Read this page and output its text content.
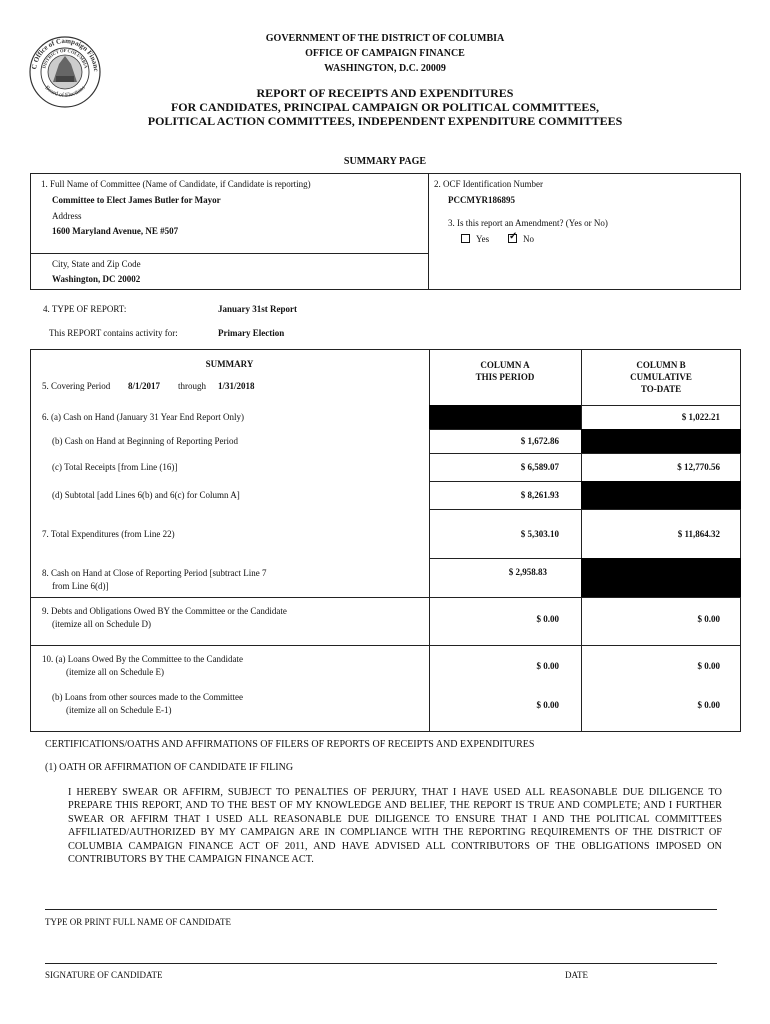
C Office of Campaign Financ
DISTRICT OF COLUMBIA
Board of Elections
GOVERNMENT OF THE DISTRICT OF COLUMBIA
OFFICE OF CAMPAIGN FINANCE
WASHINGTON, D.C. 20009
REPORT OF RECEIPTS AND EXPENDITURES
FOR CANDIDATES, PRINCIPAL CAMPAIGN OR POLITICAL COMMITTEES,
POLITICAL ACTION COMMITTEES, INDEPENDENT EXPENDITURE COMMITTEES
SUMMARY PAGE
1. Full Name of Committee (Name of Candidate, if Candidate is reporting)
Committee to Elect James Butler for Mayor
Address
1600 Maryland Avenue, NE #507
City, State and Zip Code
Washington, DC 20002
2. OCF Identification Number
PCCMYR186895
3. Is this report an Amendment? (Yes or No)
Yes
✓	No
4. TYPE OF REPORT:	January 31st Report
This REPORT contains activity for:	Primary Election
SUMMARY	COLUMN A
THIS PERIOD
COLUMN B
CUMULATIVE
TO-DATE
5. Covering Period 8/1/2017 through 1/31/2018
6. (a) Cash on Hand (January 31 Year End Report Only)
(b) Cash on Hand at Beginning of Reporting Period
(c) Total Receipts [from Line (16)]
(d) Subtotal [add Lines 6(b) and 6(c) for Column A]
7. Total Expenditures (from Line 22)
8. Cash on Hand at Close of Reporting Period [subtract Line 7
from Line 6(d)]
9. Debts and Obligations Owed BY the Committee or the Candidate
(itemize all on Schedule D)
10. (a) Loans Owed By the Committee to the Candidate
(itemize all on Schedule E)
(b) Loans from other sources made to the Committee
(itemize all on Schedule E-1)
$ 1,022.21
$ 1,672.86
$ 6,589.07	$ 12,770.56
$ 8,261.93
$ 5,303.10	$ 11,864.32
$ 2,958.83
$ 0.00	$ 0.00
$ 0.00	$ 0.00
$ 0.00	$ 0.00
CERTIFICATIONS/OATHS AND AFFIRMATIONS OF FILERS OF REPORTS OF RECEIPTS AND EXPENDITURES
(1) OATH OR AFFIRMATION OF CANDIDATE IF FILING
I HEREBY SWEAR OR AFFIRM, SUBJECT TO PENALTIES OF PERJURY, THAT I HAVE USED ALL REASONABLE DUE DILIGENCE TO PREPARE THIS REPORT, AND TO THE BEST OF MY KNOWLEDGE AND BELIEF, THE REPORT IS TRUE AND COMPLETE; AND I FURTHER SWEAR OR AFFIRM THAT I USED ALL REASONABLE DUE DILIGENCE TO ENSURE THAT I AND THE POLITICAL COMMITTEES AFFILIATED/AUTHORIZED BY MY CAMPAIGN ARE IN COMPLIANCE WITH THE REPORTING REQUIREMENTS OF THE DISTRICT OF COLUMBIA CAMPAIGN FINANCE ACT OF 2011, AND HAVE ADVISED ALL CONTRIBUTORS OF THE OBLIGATIONS IMPOSED ON CONTRIBUTORS BY THE CAMPAIGN FINANCE ACT.
TYPE OR PRINT FULL NAME OF CANDIDATE
SIGNATURE OF CANDIDATE	DATE
